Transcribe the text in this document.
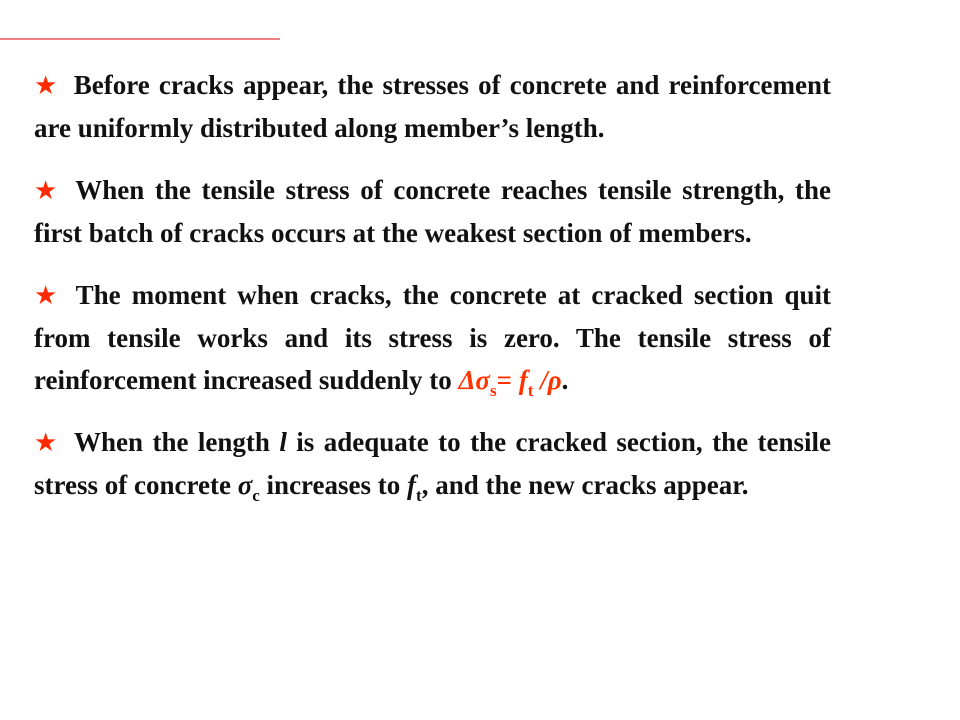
★ Before cracks appear, the stresses of concrete and reinforcement are uniformly distributed along member’s length.

★ When the tensile stress of concrete reaches tensile strength, the first batch of cracks occurs at the weakest section of members.

★ The moment when cracks, the concrete at cracked section quit from tensile works and its stress is zero. The tensile stress of reinforcement increased suddenly to $\Delta\sigma_s= f_t$ /ρ.

★ When the length l is adequate to the cracked section, the tensile stress of concrete $\sigma_c$ increases to $f_t$, and the new cracks appear.
